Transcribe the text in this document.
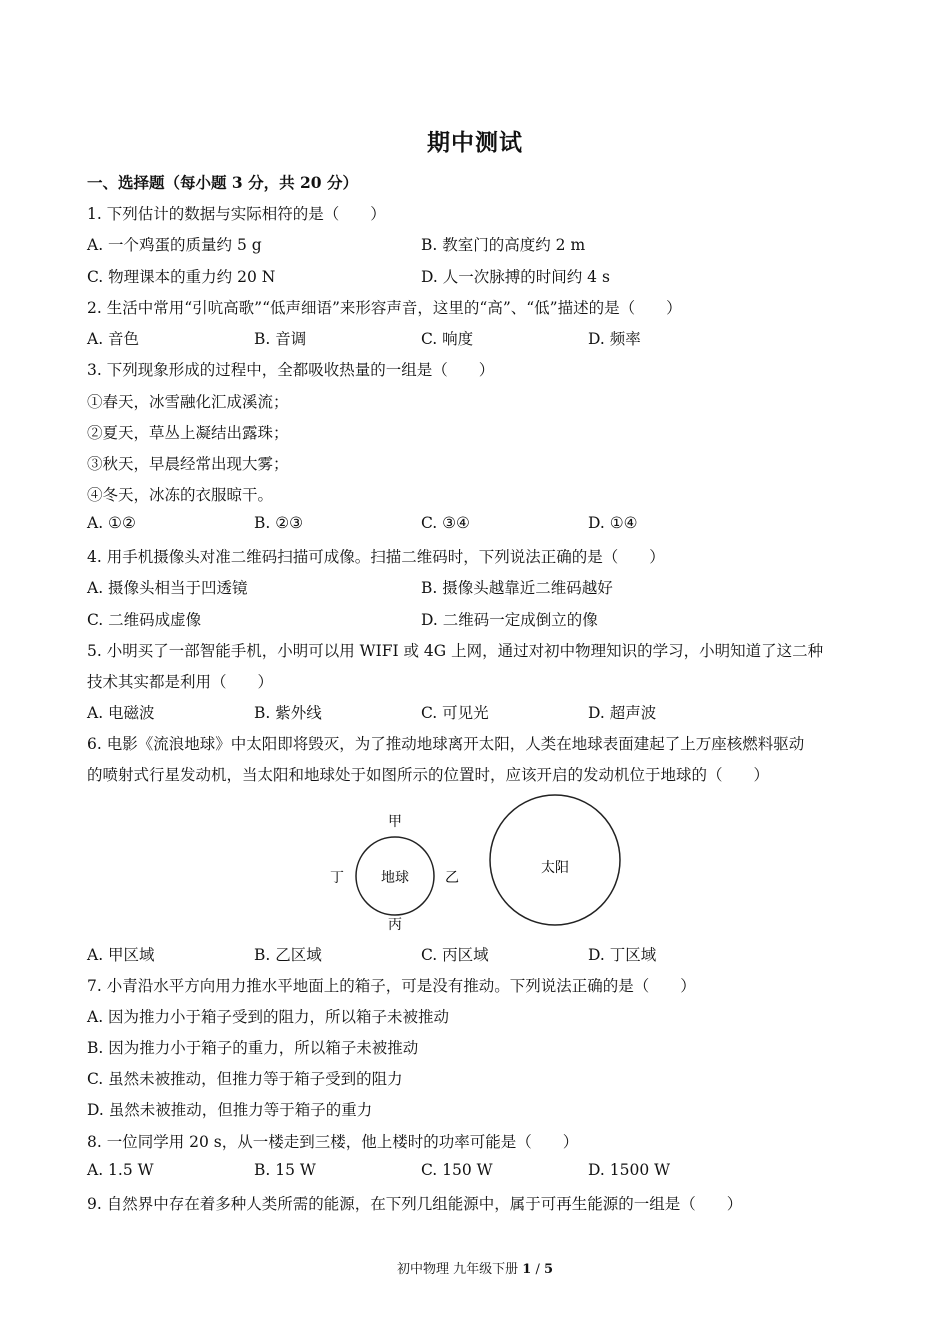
期中测试
一、选择题（每小题 3 分，共 20 分）
1. 下列估计的数据与实际相符的是（　　）
A. 一个鸡蛋的质量约 5 g	B. 教室门的高度约 2 m
C. 物理课本的重力约 20 N	D. 人一次脉搏的时间约 4 s
2. 生活中常用“引吭高歌”“低声细语”来形容声音，这里的“高”、“低”描述的是（　　）
A. 音色	B. 音调	C. 响度	D. 频率
3. 下列现象形成的过程中，全都吸收热量的一组是（　　）
①春天，冰雪融化汇成溪流；
②夏天，草丛上凝结出露珠；
③秋天，早晨经常出现大雾；
④冬天，冰冻的衣服晾干。
A. ①②	B. ②③	C. ③④	D. ①④
4. 用手机摄像头对准二维码扫描可成像。扫描二维码时，下列说法正确的是（　　）
A. 摄像头相当于凹透镜	B. 摄像头越靠近二维码越好
C. 二维码成虚像	D. 二维码一定成倒立的像
5. 小明买了一部智能手机，小明可以用 WIFI 或 4G 上网，通过对初中物理知识的学习，小明知道了这二种
技术其实都是利用（　　）
A. 电磁波	B. 紫外线	C. 可见光	D. 超声波
6. 电影《流浪地球》中太阳即将毁灭，为了推动地球离开太阳，人类在地球表面建起了上万座核燃料驱动
的喷射式行星发动机，当太阳和地球处于如图所示的位置时，应该开启的发动机位于地球的（　　）
地球
甲
乙
丙
丁
太阳
A. 甲区域	B. 乙区域	C. 丙区域	D. 丁区域
7. 小青沿水平方向用力推水平地面上的箱子，可是没有推动。下列说法正确的是（　　）
A. 因为推力小于箱子受到的阻力，所以箱子未被推动
B. 因为推力小于箱子的重力，所以箱子未被推动
C. 虽然未被推动，但推力等于箱子受到的阻力
D. 虽然未被推动，但推力等于箱子的重力
8. 一位同学用 20 s，从一楼走到三楼，他上楼时的功率可能是（　　）
A. 1.5 W	B. 15 W	C. 150 W	D. 1500 W
9. 自然界中存在着多种人类所需的能源，在下列几组能源中，属于可再生能源的一组是（　　）
初中物理 九年级下册 1 / 5
